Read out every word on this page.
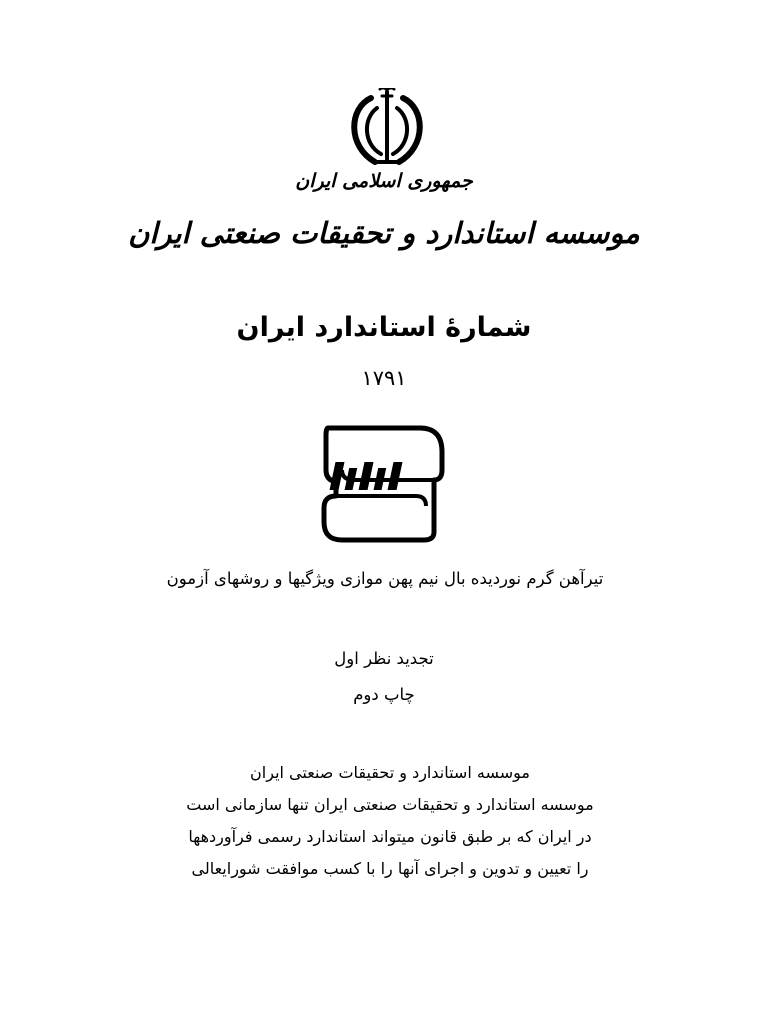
جمهوری اسلامی ایران
موسسه استاندارد و تحقیقات صنعتی ایران
شمارهٔ استاندارد ایران
۱۷۹۱
تیرآهن گرم نوردیده بال نیم پهن موازی ویژگیها و روشهای آزمون
تجدید نظر اول
چاپ دوم
موسسه استاندارد و تحقیقات صنعتی ایران
موسسه استاندارد و تحقیقات صنعتی ایران تنها سازمانی است
در ایران که بر طبق قانون میتواند استاندارد رسمی فرآوردهها
را تعیین و تدوین و اجرای آنها را با کسب موافقت شورایعالی
